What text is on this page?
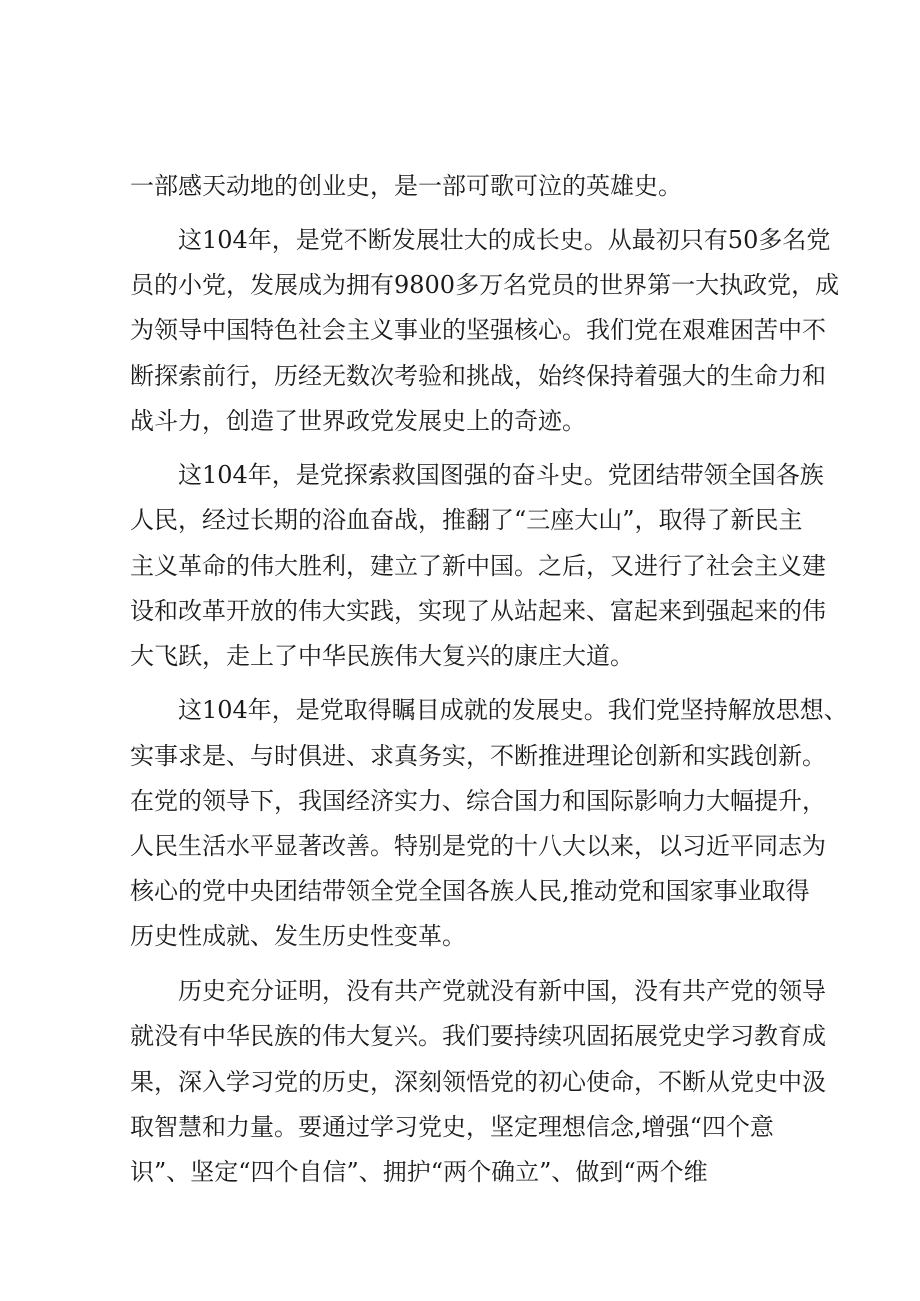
一部感天动地的创业史，是一部可歌可泣的英雄史。
这104年，是党不断发展壮大的成长史。从最初只有50多名党
员的小党，发展成为拥有9800多万名党员的世界第一大执政党，成
为领导中国特色社会主义事业的坚强核心。我们党在艰难困苦中不
断探索前行，历经无数次考验和挑战，始终保持着强大的生命力和
战斗力，创造了世界政党发展史上的奇迹。
这104年，是党探索救国图强的奋斗史。党团结带领全国各族
人民，经过长期的浴血奋战，推翻了“三座大山”，取得了新民主
主义革命的伟大胜利，建立了新中国。之后，又进行了社会主义建
设和改革开放的伟大实践，实现了从站起来、富起来到强起来的伟
大飞跃，走上了中华民族伟大复兴的康庄大道。
这104年，是党取得瞩目成就的发展史。我们党坚持解放思想、
实事求是、与时俱进、求真务实，不断推进理论创新和实践创新。
在党的领导下，我国经济实力、综合国力和国际影响力大幅提升，
人民生活水平显著改善。特别是党的十八大以来，以习近平同志为
核心的党中央团结带领全党全国各族人民,推动党和国家事业取得
历史性成就、发生历史性变革。
历史充分证明，没有共产党就没有新中国，没有共产党的领导
就没有中华民族的伟大复兴。我们要持续巩固拓展党史学习教育成
果，深入学习党的历史，深刻领悟党的初心使命，不断从党史中汲
取智慧和力量。要通过学习党史，坚定理想信念,增强“四个意
识”、坚定“四个自信”、拥护“两个确立”、做到“两个维
